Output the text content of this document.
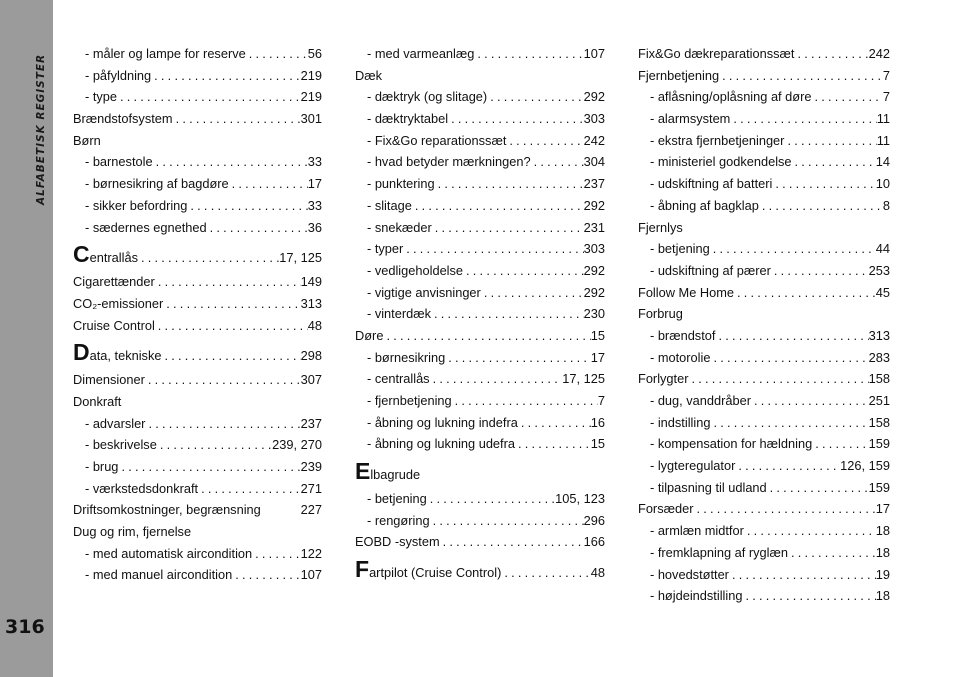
ALFABETISK REGISTER
316
- måler og lampe for reserve .....	56
- påfyldning .....	219
- type .....	219
Brændstofsystem .....	301
Børn
- barnestole .....	33
- børnesikring af bagdøre .....	17
- sikker befordring .....	33
- sædernes egnethed .....	36
Centrallås .....	17, 125
Cigarettænder .....	149
CO₂-emissioner .....	313
Cruise Control .....	48
Data, tekniske .....	298
Dimensioner .....	307
Donkraft
- advarsler .....	237
- beskrivelse .....	239, 270
- brug .....	239
- værkstedsdonkraft .....	271
Driftsomkostninger, begrænsning	227
Dug og rim, fjernelse
- med automatisk aircondition .....	122
- med manuel aircondition .....	107
- med varmeanlæg .....	107
Dæk
- dæktryk (og slitage) .....	292
- dæktryktabel .....	303
- Fix&Go reparationssæt .....	242
- hvad betyder mærkningen? .....	304
- punktering .....	237
- slitage .....	292
- snekæder .....	231
- typer .....	303
- vedligeholdelse .....	292
- vigtige anvisninger .....	292
- vinterdæk .....	230
Døre .....	15
- børnesikring .....	17
- centrallås .....	17, 125
- fjernbetjening .....	7
- åbning og lukning indefra .....	16
- åbning og lukning udefra .....	15
Elbagrude
- betjening .....	105, 123
- rengøring .....	296
EOBD -system .....	166
Fartpilot (Cruise Control) .....	48
Fix&Go dækreparationssæt .....	242
Fjernbetjening .....	7
- aflåsning/oplåsning af døre .....	7
- alarmsystem .....	11
- ekstra fjernbetjeninger .....	11
- ministeriel godkendelse .....	14
- udskiftning af batteri .....	10
- åbning af bagklap .....	8
Fjernlys
- betjening .....	44
- udskiftning af pærer .....	253
Follow Me Home .....	45
Forbrug
- brændstof .....	313
- motorolie .....	283
Forlygter .....	158
- dug, vanddråber .....	251
- indstilling .....	158
- kompensation for hældning .....	159
- lygteregulator .....	126, 159
- tilpasning til udland .....	159
Forsæder .....	17
- armlæn midtfor .....	18
- fremklapning af ryglæn .....	18
- hovedstøtter .....	19
- højdeindstilling .....	18
